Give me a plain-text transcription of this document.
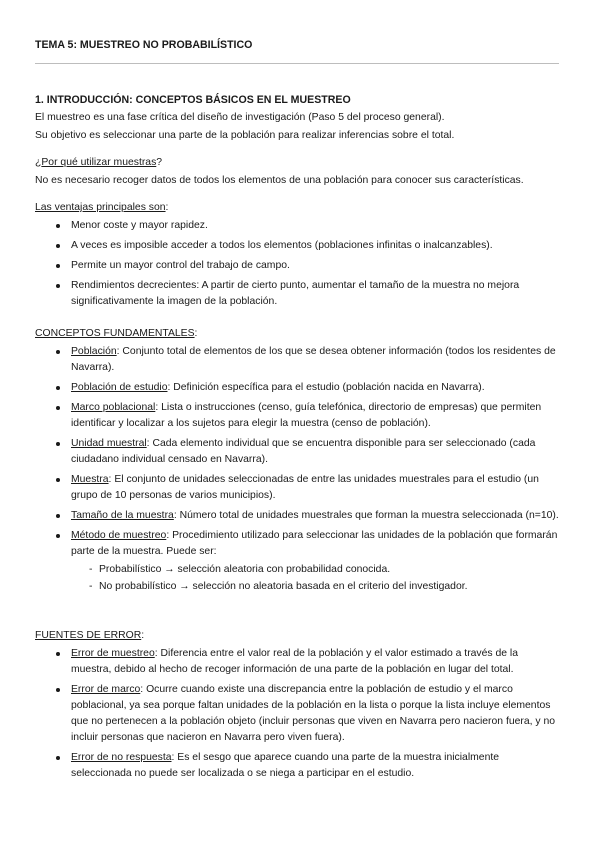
TEMA 5: MUESTREO NO PROBABILÍSTICO
1. INTRODUCCIÓN: CONCEPTOS BÁSICOS EN EL MUESTREO
El muestreo es una fase crítica del diseño de investigación (Paso 5 del proceso general).
Su objetivo es seleccionar una parte de la población para realizar inferencias sobre el total.
¿Por qué utilizar muestras?
No es necesario recoger datos de todos los elementos de una población para conocer sus características.
Las ventajas principales son:
Menor coste y mayor rapidez.
A veces es imposible acceder a todos los elementos (poblaciones infinitas o inalcanzables).
Permite un mayor control del trabajo de campo.
Rendimientos decrecientes: A partir de cierto punto, aumentar el tamaño de la muestra no mejora significativamente la imagen de la población.
CONCEPTOS FUNDAMENTALES:
Población: Conjunto total de elementos de los que se desea obtener información (todos los residentes de Navarra).
Población de estudio: Definición específica para el estudio (población nacida en Navarra).
Marco poblacional: Lista o instrucciones (censo, guía telefónica, directorio de empresas) que permiten identificar y localizar a los sujetos para elegir la muestra (censo de población).
Unidad muestral: Cada elemento individual que se encuentra disponible para ser seleccionado (cada ciudadano individual censado en Navarra).
Muestra: El conjunto de unidades seleccionadas de entre las unidades muestrales para el estudio (un grupo de 10 personas de varios municipios).
Tamaño de la muestra: Número total de unidades muestrales que forman la muestra seleccionada (n=10).
Método de muestreo: Procedimiento utilizado para seleccionar las unidades de la población que formarán parte de la muestra. Puede ser:
- Probabilístico → selección aleatoria con probabilidad conocida.
- No probabilístico → selección no aleatoria basada en el criterio del investigador.
FUENTES DE ERROR:
Error de muestreo: Diferencia entre el valor real de la población y el valor estimado a través de la muestra, debido al hecho de recoger información de una parte de la población en lugar del total.
Error de marco: Ocurre cuando existe una discrepancia entre la población de estudio y el marco poblacional, ya sea porque faltan unidades de la población en la lista o porque la lista incluye elementos que no pertenecen a la población objeto (incluir personas que viven en Navarra pero nacieron fuera, y no incluir personas que nacieron en Navarra pero viven fuera).
Error de no respuesta: Es el sesgo que aparece cuando una parte de la muestra inicialmente seleccionada no puede ser localizada o se niega a participar en el estudio.
